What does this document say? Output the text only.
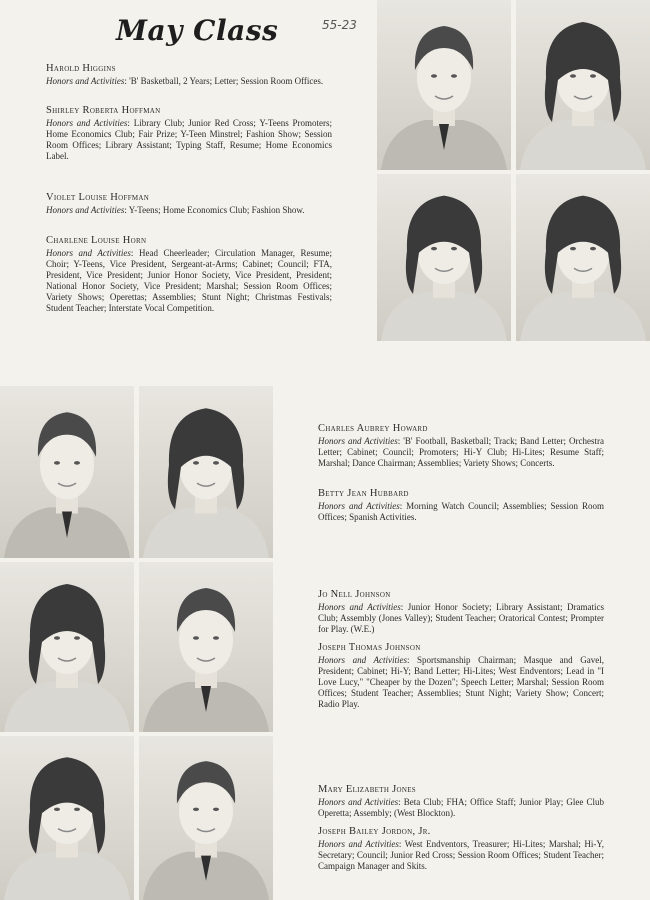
May Class	55-23
Harold Higgins
Honors and Activities: 'B' Basketball, 2 Years; Letter; Session Room Offices.
Shirley Roberta Hoffman
Honors and Activities: Library Club; Junior Red Cross; Y-Teens Promoters; Home Economics Club; Fair Prize; Y-Teen Minstrel; Fashion Show; Session Room Offices; Library Assistant; Typing Staff, Resume; Home Economics Label.
Violet Louise Hoffman
Honors and Activities: Y-Teens; Home Economics Club; Fashion Show.
Charlene Louise Horn
Honors and Activities: Head Cheerleader; Circulation Manager, Resume; Choir; Y-Teens, Vice President, Sergeant-at-Arms; Cabinet; Council; FTA, President, Vice President; Junior Honor Society, Vice President, President; National Honor Society, Vice President; Marshal; Session Room Offices; Variety Shows; Operettas; Assemblies; Stunt Night; Christmas Festivals; Student Teacher; Interstate Vocal Competition.
Charles Aubrey Howard
Honors and Activities: 'B' Football, Basketball; Track; Band Letter; Orchestra Letter; Cabinet; Council; Promoters; Hi-Y Club; Hi-Lites; Resume Staff; Marshal; Dance Chairman; Assemblies; Variety Shows; Concerts.
Betty Jean Hubbard
Honors and Activities: Morning Watch Council; Assemblies; Session Room Offices; Spanish Activities.
Jo Nell Johnson
Honors and Activities: Junior Honor Society; Library Assistant; Dramatics Club; Assembly (Jones Valley); Student Teacher; Oratorical Contest; Prompter for Play. (W.E.)
Joseph Thomas Johnson
Honors and Activities: Sportsmanship Chairman; Masque and Gavel, President; Cabinet; Hi-Y; Band Letter; Hi-Lites; West Endventors; Lead in "I Love Lucy," "Cheaper by the Dozen"; Speech Letter; Marshal; Session Room Offices; Student Teacher; Assemblies; Stunt Night; Variety Show; Concert; Radio Play.
Mary Elizabeth Jones
Honors and Activities: Beta Club; FHA; Office Staff; Junior Play; Glee Club Operetta; Assembly; (West Blockton).
Joseph Bailey Jordon, Jr.
Honors and Activities: West Endventors, Treasurer; Hi-Lites; Marshal; Hi-Y, Secretary; Council; Junior Red Cross; Session Room Offices; Student Teacher; Campaign Manager and Skits.
